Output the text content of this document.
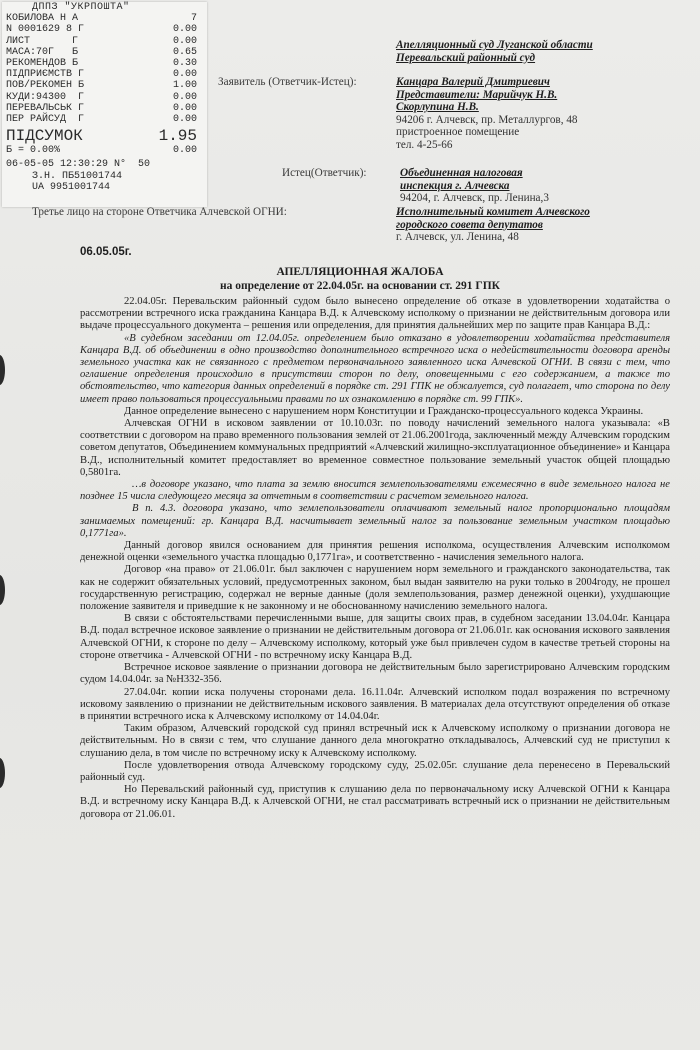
ДППЗ "УКРПОШТА"
КОБИЛОВА Н А	7
N 0001629 8 Г	0.00
ЛИСТ       Г	0.00
МАСА:70Г   Б	0.65
РЕКОМЕНДОВ Б	0.30
ПІДПРИЄМСТВ Г	0.00
ПОВ/РЕКОМЕН Б	1.00
КУДИ:94300  Г	0.00
ПЕРЕВАЛЬСЬК Г	0.00
ПЕР РАЙСУД  Г	0.00
ПІДСУМОК	1.95
Б = 0.00%	0.00
06-05-05 12:30:29 N°  50
З.Н. ПБ51001744
UA 9951001744
Апелляционный суд Луганской области
Перевальский районный суд
Заявитель (Ответчик-Истец):	Канцара Валерий Дмитриевич
Представители: Марийчук Н.В.
Скорлупина Н.В.
94206 г. Алчевск, пр. Металлургов, 48
пристроенное помещение
тел. 4-25-66
Истец(Ответчик):	Объединенная налоговая
инспекция г. Алчевска
94204, г. Алчевск, пр. Ленина,3
Третье лицо на стороне Ответчика Алчевской ОГНИ:	Исполнительный комитет Алчевского
городского совета депутатов
г. Алчевск, ул. Ленина, 48
06.05.05г.
АПЕЛЛЯЦИОННАЯ ЖАЛОБА
на определение от 22.04.05г. на основании ст. 291 ГПК

22.04.05г. Перевальским районный судом было вынесено определение об отказе в удовлетворении ходатайства о рассмотрении встречного иска гражданина Канцара В.Д. к Алчевскому исполкому о признании не действительным договора или выдаче процессуального документа – решения или определения, для принятия дальнейших мер по защите прав Канцара В.Д.:

«В судебном заседании от 12.04.05г. определением было отказано в удовлетворении ходатайства представителя Канцара В.Д. об объединении в одно производство дополнительного встречного иска о недействительности договора аренды земельного участка как не связанного с предметом первоначального заявленного иска Алчевской ОГНИ. В связи с тем, что оглашение определения происходило в присутствии сторон по делу, оповещенными с его содержанием, а также то обстоятельство, что категория данных определений в порядке ст. 291 ГПК не обжалуется, суд полагает, что сторона по делу имеет право пользоваться процессуальными правами по их ознакомлению в порядке ст. 99 ГПК».

Данное определение вынесено с нарушением норм Конституции и Гражданско-процессуального кодекса Украины.

Алчевская ОГНИ в исковом заявлении от 10.10.03г. по поводу начислений земельного налога указывала: «В соответствии с договором на право временного пользования землей от 21.06.2001года, заключенный между Алчевским городским советом депутатов, Объединением коммунальных предприятий «Алчевский жилищно-эксплуатационное объединение» и Канцара В.Д., исполнительный комитет предоставляет во временное совместное пользование земельный участок общей площадью 0,5801га.

…в договоре указано, что плата за землю вносится землепользователями ежемесячно в виде земельного налога не позднее 15 числа следующего месяца за отчетным в соответствии с расчетом земельного налога.

В п. 4.3. договора указано, что землепользователи оплачивают земельный налог пропорционально площадям занимаемых помещений: гр. Канцара В.Д. насчитывает земельный налог за пользование земельным участком площадью 0,1771га».

Данный договор явился основанием для принятия решения исполкома, осуществления Алчевским исполкомом денежной оценки «земельного участка площадью 0,1771га», и соответственно - начисления земельного налога.

Договор «на право» от 21.06.01г. был заключен с нарушением норм земельного и гражданского законодательства, так как не содержит обязательных условий, предусмотренных законом, был выдан заявителю на руки только в 2004году, не прошел государственную регистрацию, содержал не верные данные (доля землепользования, размер денежной оценки), ухудшающие положение заявителя и приведшие к не законному и не обоснованному начислению земельного налога.

В связи с обстоятельствами перечисленными выше, для защиты своих прав, в судебном заседании 13.04.04г. Канцара В.Д. подал встречное исковое заявление о признании не действительным договора от 21.06.01г. как основания искового заявления Алчевской ОГНИ, к стороне по делу – Алчевскому исполкому, который уже был привлечен судом в качестве третьей стороны на стороне ответчика - Алчевской ОГНИ - по встречному иску Канцара В.Д.

Встречное исковое заявление о признании договора не действительным было зарегистрировано Алчевским городским судом 14.04.04г. за №Н332-356.

27.04.04г. копии иска получены сторонами дела. 16.11.04г. Алчевский исполком подал возражения по встречному исковому заявлению о признании не действительным искового заявления. В материалах дела отсутствуют определения об отказе в принятии встречного иска к Алчевскому исполкому от 14.04.04г.

Таким образом, Алчевский городской суд принял встречный иск к Алчевскому исполкому о признании договора не действительным. Но в связи с тем, что слушание данного дела многократно откладывалось, Алчевский суд не приступил к слушанию дела, в том числе по встречному иску к Алчевскому исполкому.

После удовлетворения отвода Алчевскому городскому суду, 25.02.05г. слушание дела перенесено в Перевальский районный суд.

Но Перевальский районный суд, приступив к слушанию дела по первоначальному иску Алчевской ОГНИ к Канцара В.Д. и встречному иску Канцара В.Д. к Алчевской ОГНИ, не стал рассматривать встречный иск о признании не действительным договора от 21.06.01.
